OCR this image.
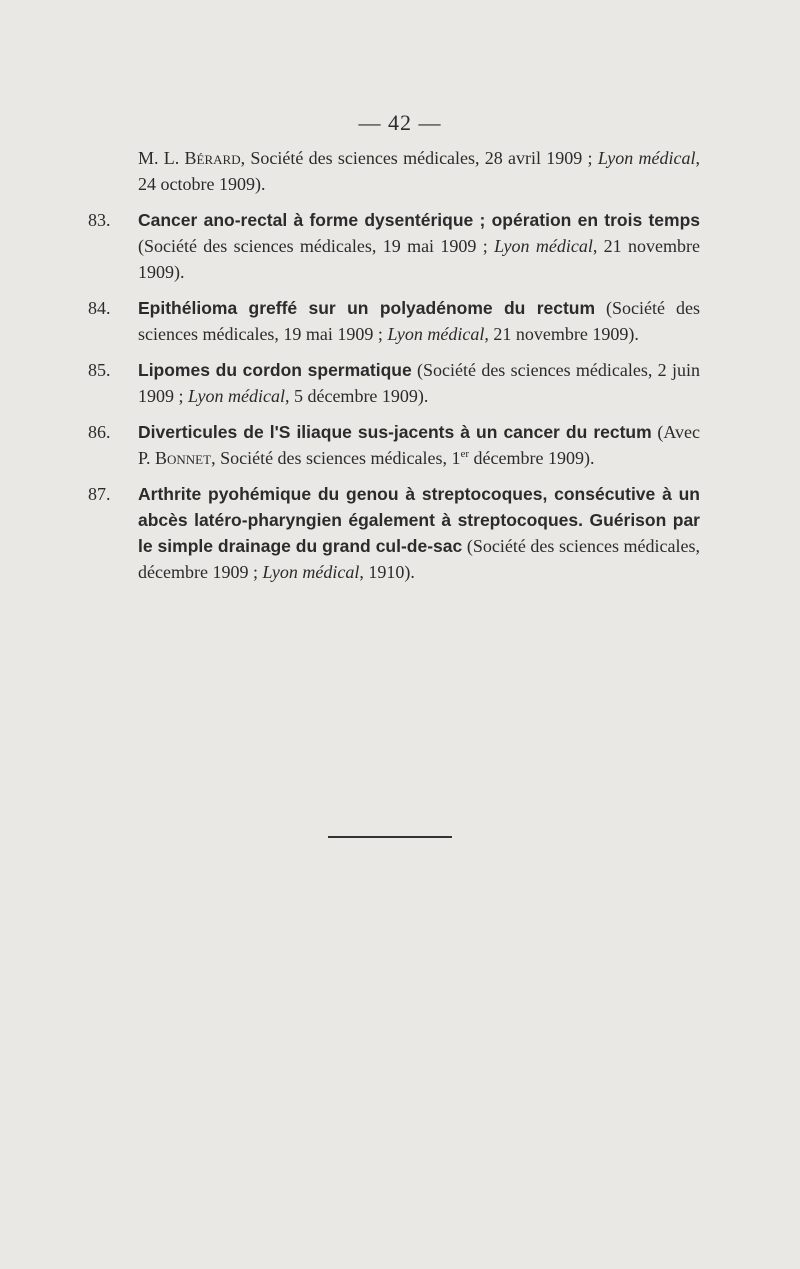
— 42 —
M. L. Bérard, Société des sciences médicales, 28 avril 1909 ; Lyon médical, 24 octobre 1909).
83.	Cancer ano-rectal à forme dysentérique ; opération en trois temps (Société des sciences médicales, 19 mai 1909 ; Lyon médical, 21 novembre 1909).
84.	Epithélioma greffé sur un polyadénome du rectum (Société des sciences médicales, 19 mai 1909 ; Lyon médical, 21 novembre 1909).
85.	Lipomes du cordon spermatique (Société des sciences médicales, 2 juin 1909 ; Lyon médical, 5 décembre 1909).
86.	Diverticules de l'S iliaque sus-jacents à un cancer du rectum (Avec P. Bonnet, Société des sciences médicales, 1er décembre 1909).
87.	Arthrite pyohémique du genou à streptocoques, consécutive à un abcès latéro-pharyngien également à streptocoques. Guérison par le simple drainage du grand cul-de-sac (Société des sciences médicales, décembre 1909 ; Lyon médical, 1910).
